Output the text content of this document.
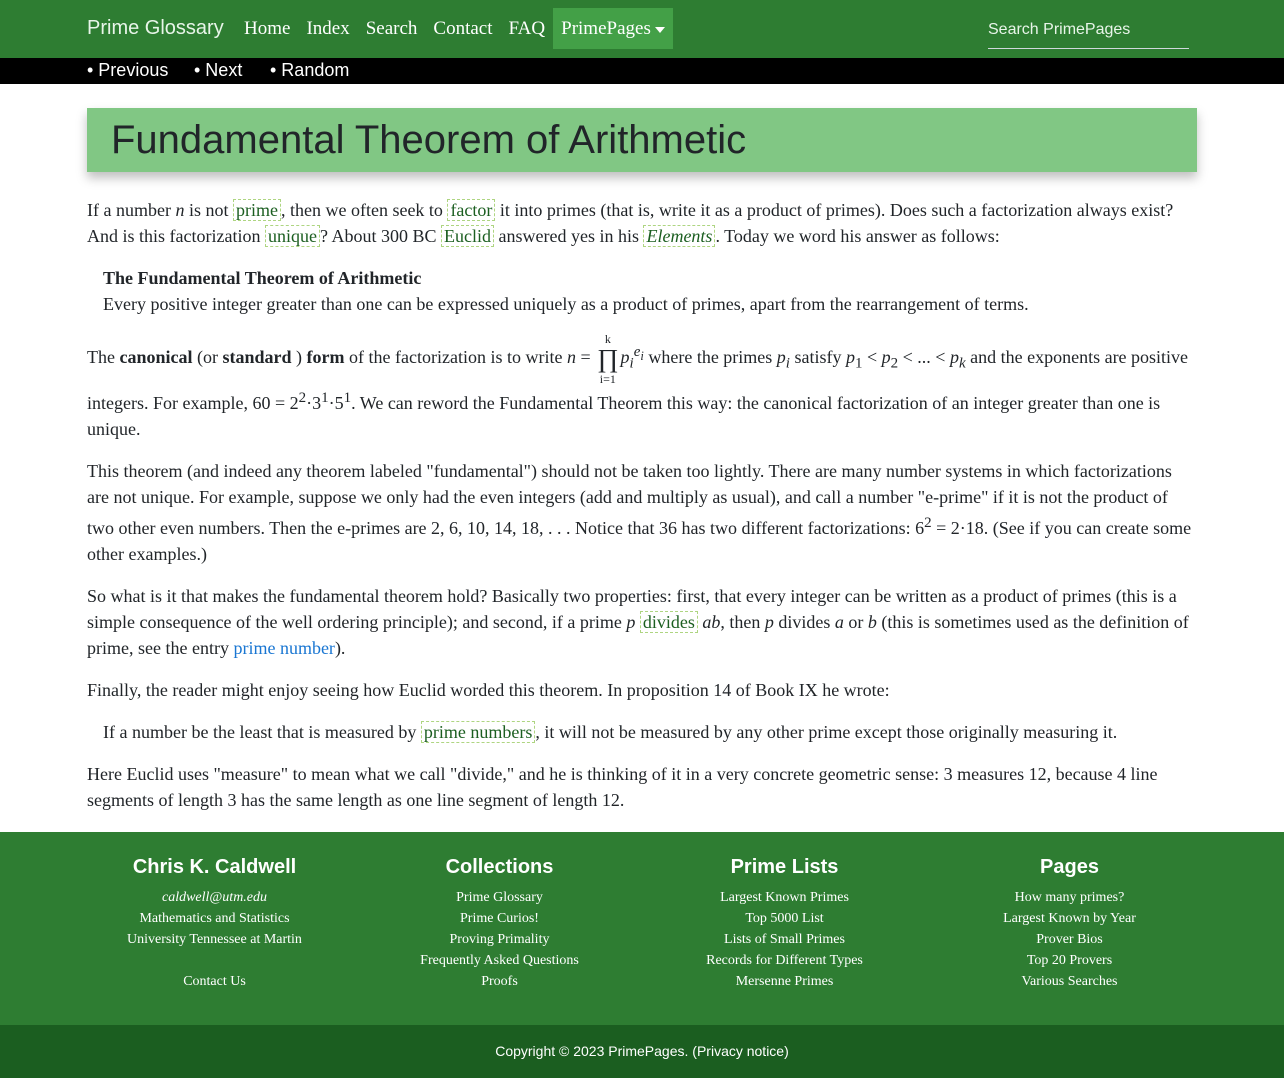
Prime Glossary	Home Index Search Contact FAQ PrimePages
Search PrimePages
• Previous • Next • Random
Fundamental Theorem of Arithmetic
If a number n is not prime , then we often seek to factor it into primes (that is, write it as a product of primes). Does such a factorization always exist? And is this factorization unique ? About 300 BC Euclid answered yes in his Elements . Today we word his answer as follows:
The Fundamental Theorem of Arithmetic
Every positive integer greater than one can be expressed uniquely as a product of primes, apart from the rearrangement of terms.
The canonical (or standard ) form of the factorization is to write n =
k
∏
i=1
$p_i^{e_i}$ where the primes $p_i$ satisfy $p_1 < p_2$ < ... < $p_k$ and the exponents are positive integers. For example, $60 = 2^2\cdot 3^1\cdot 5^1$. We can reword the Fundamental Theorem this way: the canonical factorization of an integer greater than one is unique.
This theorem (and indeed any theorem labeled "fundamental") should not be taken too lightly. There are many number systems in which factorizations are not unique. For example, suppose we only had the even integers (add and multiply as usual), and call a number "e-prime" if it is not the product of two other even numbers. Then the e-primes are 2, 6, 10, 14, 18, . . . Notice that 36 has two different factorizations: $6^2 = 2\cdot 18$. (See if you can create some other examples.)
So what is it that makes the fundamental theorem hold? Basically two properties: first, that every integer can be written as a product of primes (this is a simple consequence of the well ordering principle); and second, if a prime p divides ab, then p divides a or b (this is sometimes used as the definition of prime, see the entry prime number).
Finally, the reader might enjoy seeing how Euclid worded this theorem. In proposition 14 of Book IX he wrote:
If a number be the least that is measured by prime numbers , it will not be measured by any other prime except those originally measuring it.
Here Euclid uses "measure" to mean what we call "divide," and he is thinking of it in a very concrete geometric sense: 3 measures 12, because 4 line segments of length 3 has the same length as one line segment of length 12.
Chris K. Caldwell
caldwell@utm.edu
Mathematics and Statistics
University Tennessee at Martin

Contact Us
Collections
Prime Glossary
Prime Curios!
Proving Primality
Frequently Asked Questions
Proofs
Prime Lists
Largest Known Primes
Top 5000 List
Lists of Small Primes
Records for Different Types
Mersenne Primes
Pages
How many primes?
Largest Known by Year
Prover Bios
Top 20 Provers
Various Searches
Copyright © 2023 PrimePages. (Privacy notice)
